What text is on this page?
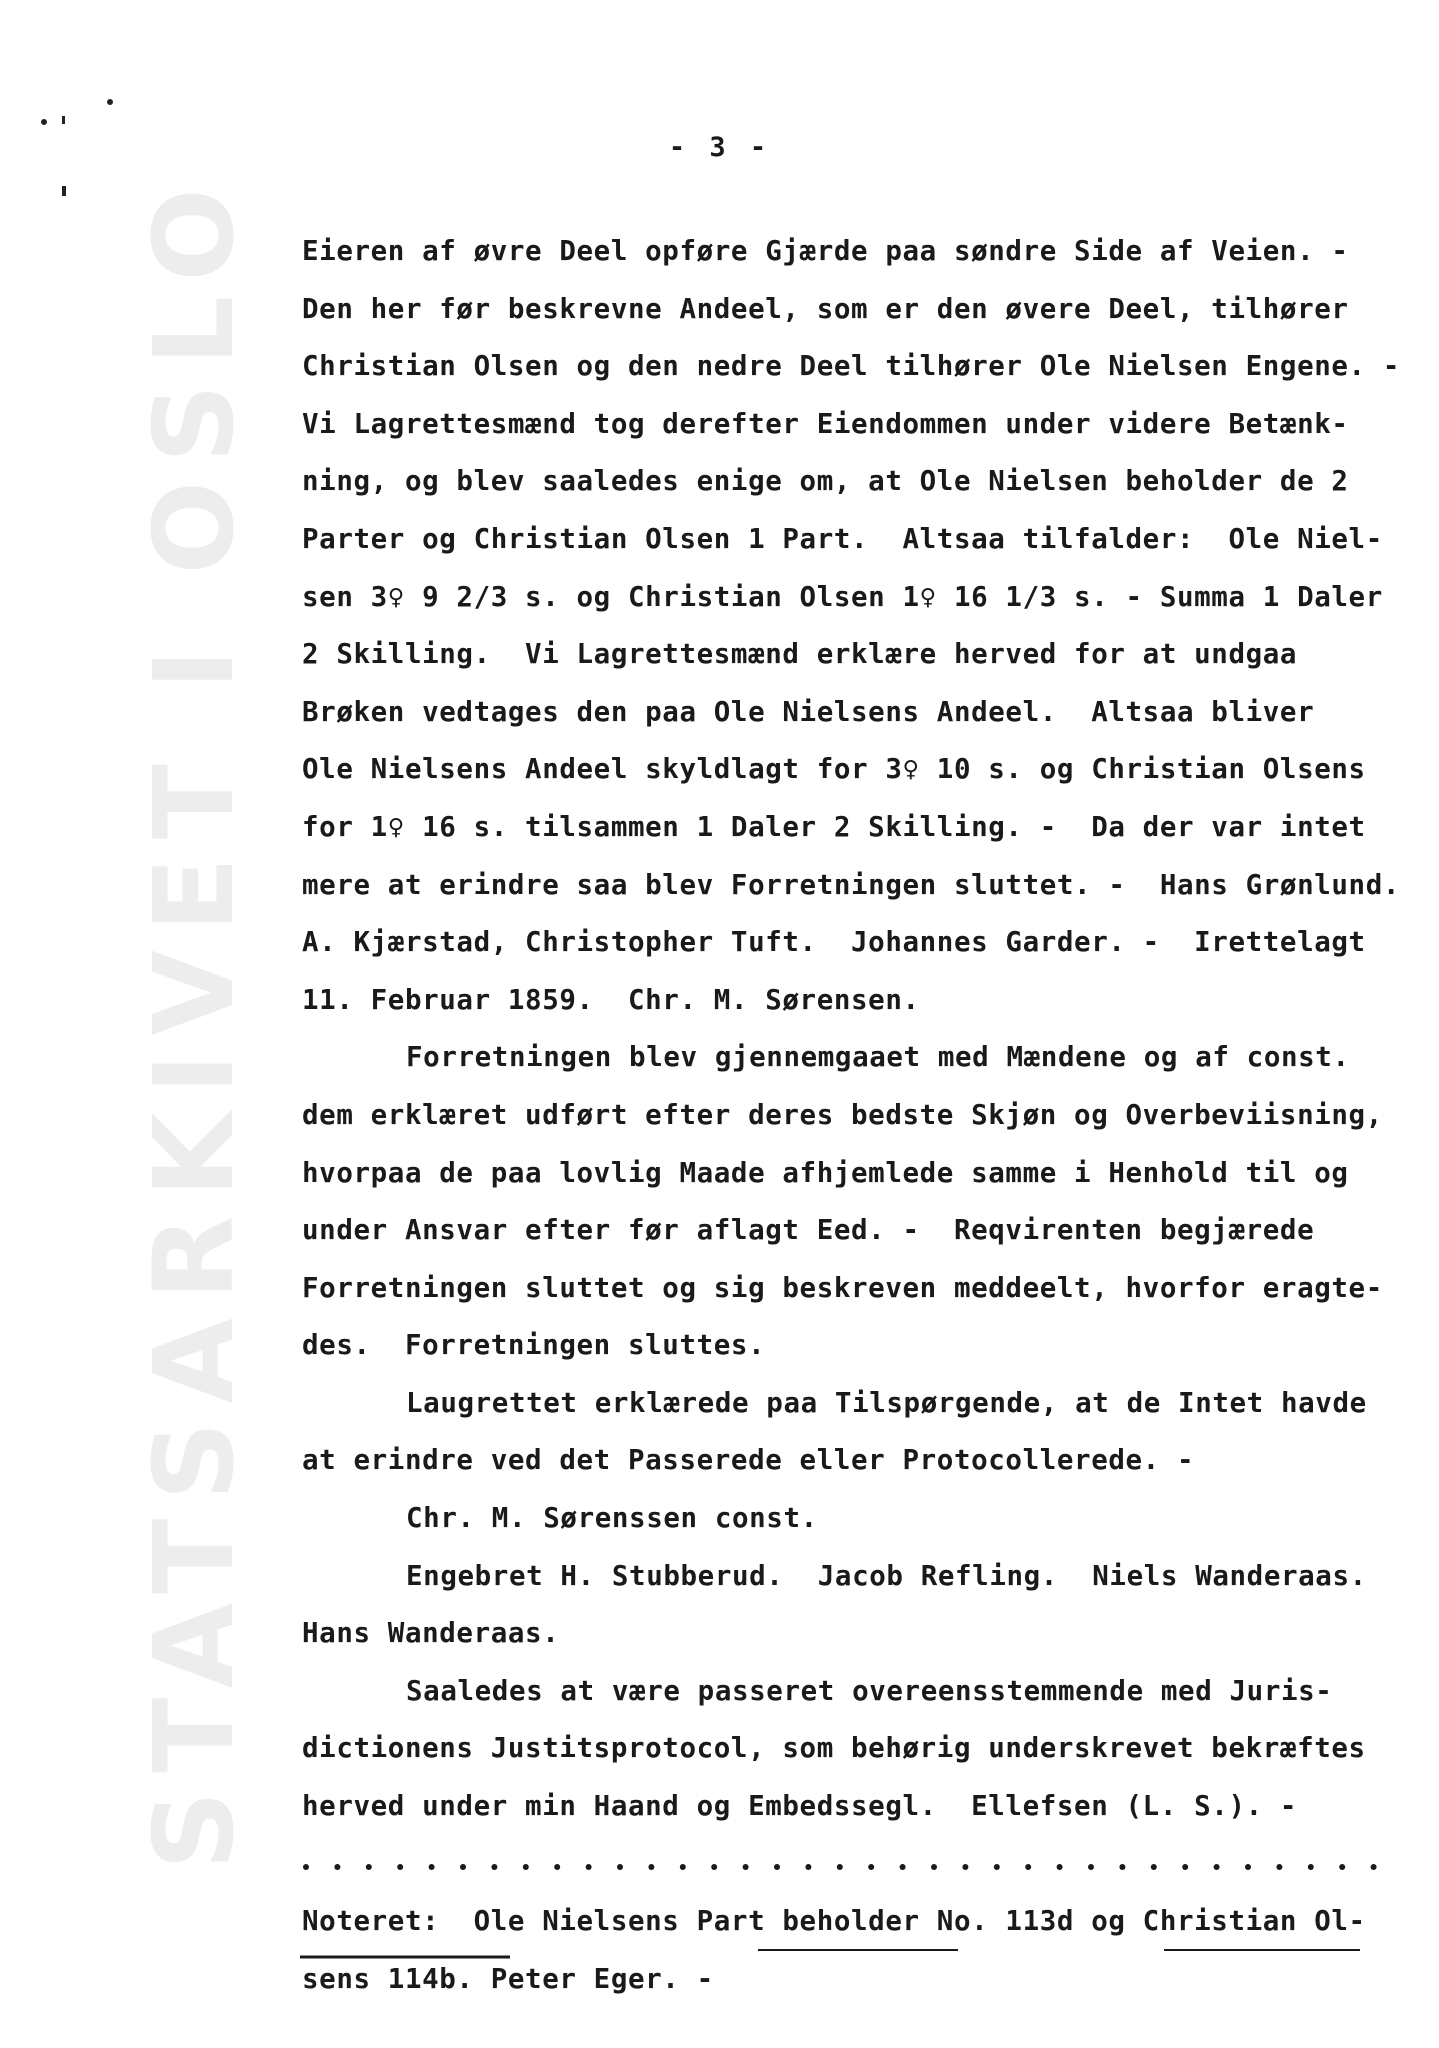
STATSARKIVET I OSLO
- 3 -
Eieren af øvre Deel opføre Gjærde paa søndre Side af Veien. -
Den her før beskrevne Andeel, som er den øvere Deel, tilhører
Christian Olsen og den nedre Deel tilhører Ole Nielsen Engene. -
Vi Lagrettesmænd tog derefter Eiendommen under videre Betænk-
ning, og blev saaledes enige om, at Ole Nielsen beholder de 2
Parter og Christian Olsen 1 Part.  Altsaa tilfalder:  Ole Niel-
sen 3♀ 9 2/3 s. og Christian Olsen 1♀ 16 1/3 s. - Summa 1 Daler
2 Skilling.  Vi Lagrettesmænd erklære herved for at undgaa
Brøken vedtages den paa Ole Nielsens Andeel.  Altsaa bliver
Ole Nielsens Andeel skyldlagt for 3♀ 10 s. og Christian Olsens
for 1♀ 16 s. tilsammen 1 Daler 2 Skilling. -  Da der var intet
mere at erindre saa blev Forretningen sluttet. -  Hans Grønlund.
A. Kjærstad, Christopher Tuft.  Johannes Garder. -  Irettelagt
11. Februar 1859.  Chr. M. Sørensen.
Forretningen blev gjennemgaaet med Mændene og af const.
dem erklæret udført efter deres bedste Skjøn og Overbeviisning,
hvorpaa de paa lovlig Maade afhjemlede samme i Henhold til og
under Ansvar efter før aflagt Eed. -  Reqvirenten begjærede
Forretningen sluttet og sig beskreven meddeelt, hvorfor eragte-
des.  Forretningen sluttes.
Laugrettet erklærede paa Tilspørgende, at de Intet havde
at erindre ved det Passerede eller Protocollerede. -
Chr. M. Sørenssen const.
Engebret H. Stubberud.  Jacob Refling.  Niels Wanderaas.
Hans Wanderaas.
Saaledes at være passeret overeensstemmende med Juris-
dictionens Justitsprotocol, som behørig underskrevet bekræftes
herved under min Haand og Embedssegl.  Ellefsen (L. S.). -
Noteret:  Ole Nielsens Part beholder No. 113d og Christian Ol-
sens 114b. Peter Eger. -
